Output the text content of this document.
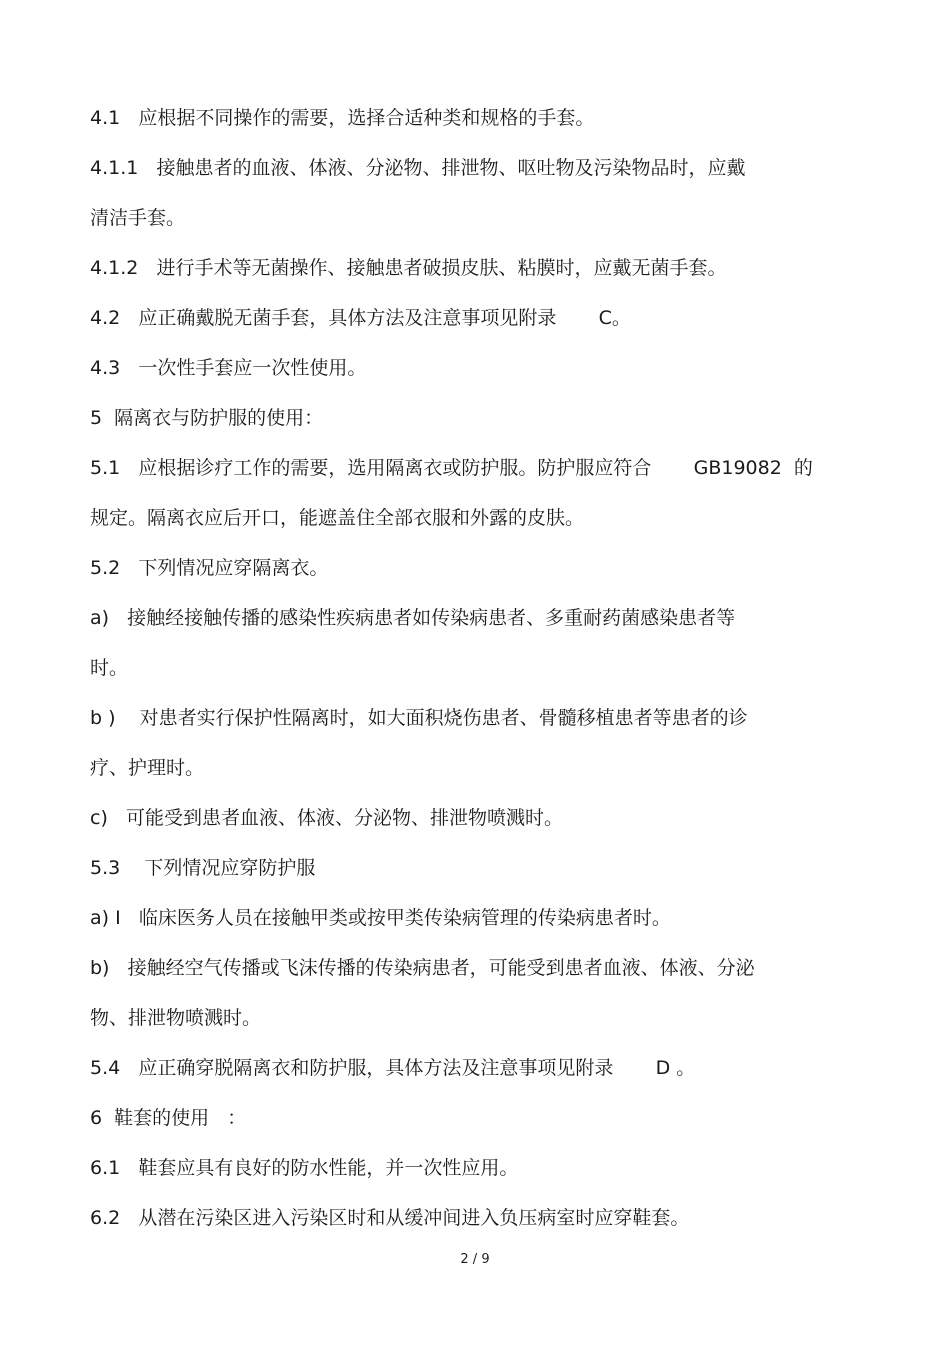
4.1   应根据不同操作的需要，选择合适种类和规格的手套。
4.1.1   接触患者的血液、体液、分泌物、排泄物、呕吐物及污染物品时，应戴
清洁手套。
4.1.2   进行手术等无菌操作、接触患者破损皮肤、粘膜时，应戴无菌手套。
4.2   应正确戴脱无菌手套，具体方法及注意事项见附录       C。
4.3   一次性手套应一次性使用。
5  隔离衣与防护服的使用：
5.1   应根据诊疗工作的需要，选用隔离衣或防护服。防护服应符合       GB19082  的
规定。隔离衣应后开口，能遮盖住全部衣服和外露的皮肤。
5.2   下列情况应穿隔离衣。
a)   接触经接触传播的感染性疾病患者如传染病患者、多重耐药菌感染患者等
时。
b )    对患者实行保护性隔离时，如大面积烧伤患者、骨髓移植患者等患者的诊
疗、护理时。
c)   可能受到患者血液、体液、分泌物、排泄物喷溅时。
5.3    下列情况应穿防护服
a) I   临床医务人员在接触甲类或按甲类传染病管理的传染病患者时。
b)   接触经空气传播或飞沫传播的传染病患者，可能受到患者血液、体液、分泌
物、排泄物喷溅时。
5.4   应正确穿脱隔离衣和防护服，具体方法及注意事项见附录       D 。
6  鞋套的使用   ：
6.1   鞋套应具有良好的防水性能，并一次性应用。
6.2   从潜在污染区进入污染区时和从缓冲间进入负压病室时应穿鞋套。
2 / 9
